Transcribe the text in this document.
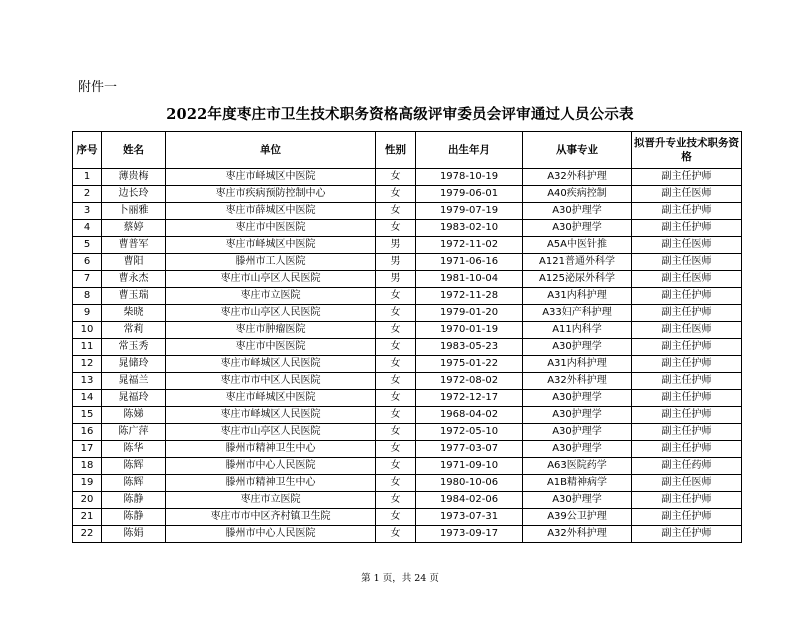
附件一
2022年度枣庄市卫生技术职务资格高级评审委员会评审通过人员公示表
序号	姓名	单位	性别	出生年月	从事专业	拟晋升专业技术职务资格
1	薄贵梅	枣庄市峄城区中医院	女	1978-10-19	A32外科护理	副主任护师
2	边长玲	枣庄市疾病预防控制中心	女	1979-06-01	A40疾病控制	副主任医师
3	卜丽雅	枣庄市薛城区中医院	女	1979-07-19	A30护理学	副主任护师
4	蔡婷	枣庄市中医医院	女	1983-02-10	A30护理学	副主任护师
5	曹普军	枣庄市峄城区中医院	男	1972-11-02	A5A中医针推	副主任医师
6	曹阳	滕州市工人医院	男	1971-06-16	A121普通外科学	副主任医师
7	曹永杰	枣庄市山亭区人民医院	男	1981-10-04	A125泌尿外科学	副主任医师
8	曹玉瑞	枣庄市立医院	女	1972-11-28	A31内科护理	副主任护师
9	柴晓	枣庄市山亭区人民医院	女	1979-01-20	A33妇产科护理	副主任护师
10	常莉	枣庄市肿瘤医院	女	1970-01-19	A11内科学	副主任医师
11	常玉秀	枣庄市中医医院	女	1983-05-23	A30护理学	副主任护师
12	晁储玲	枣庄市峄城区人民医院	女	1975-01-22	A31内科护理	副主任护师
13	晁福兰	枣庄市市中区人民医院	女	1972-08-02	A32外科护理	副主任护师
14	晁福玲	枣庄市峄城区中医院	女	1972-12-17	A30护理学	副主任护师
15	陈娣	枣庄市峄城区人民医院	女	1968-04-02	A30护理学	副主任护师
16	陈广萍	枣庄市山亭区人民医院	女	1972-05-10	A30护理学	副主任护师
17	陈华	滕州市精神卫生中心	女	1977-03-07	A30护理学	副主任护师
18	陈辉	滕州市中心人民医院	女	1971-09-10	A63医院药学	副主任药师
19	陈辉	滕州市精神卫生中心	女	1980-10-06	A1B精神病学	副主任医师
20	陈静	枣庄市立医院	女	1984-02-06	A30护理学	副主任护师
21	陈静	枣庄市市中区齐村镇卫生院	女	1973-07-31	A39公卫护理	副主任护师
22	陈娟	滕州市中心人民医院	女	1973-09-17	A32外科护理	副主任护师
第 1 页，共 24 页
